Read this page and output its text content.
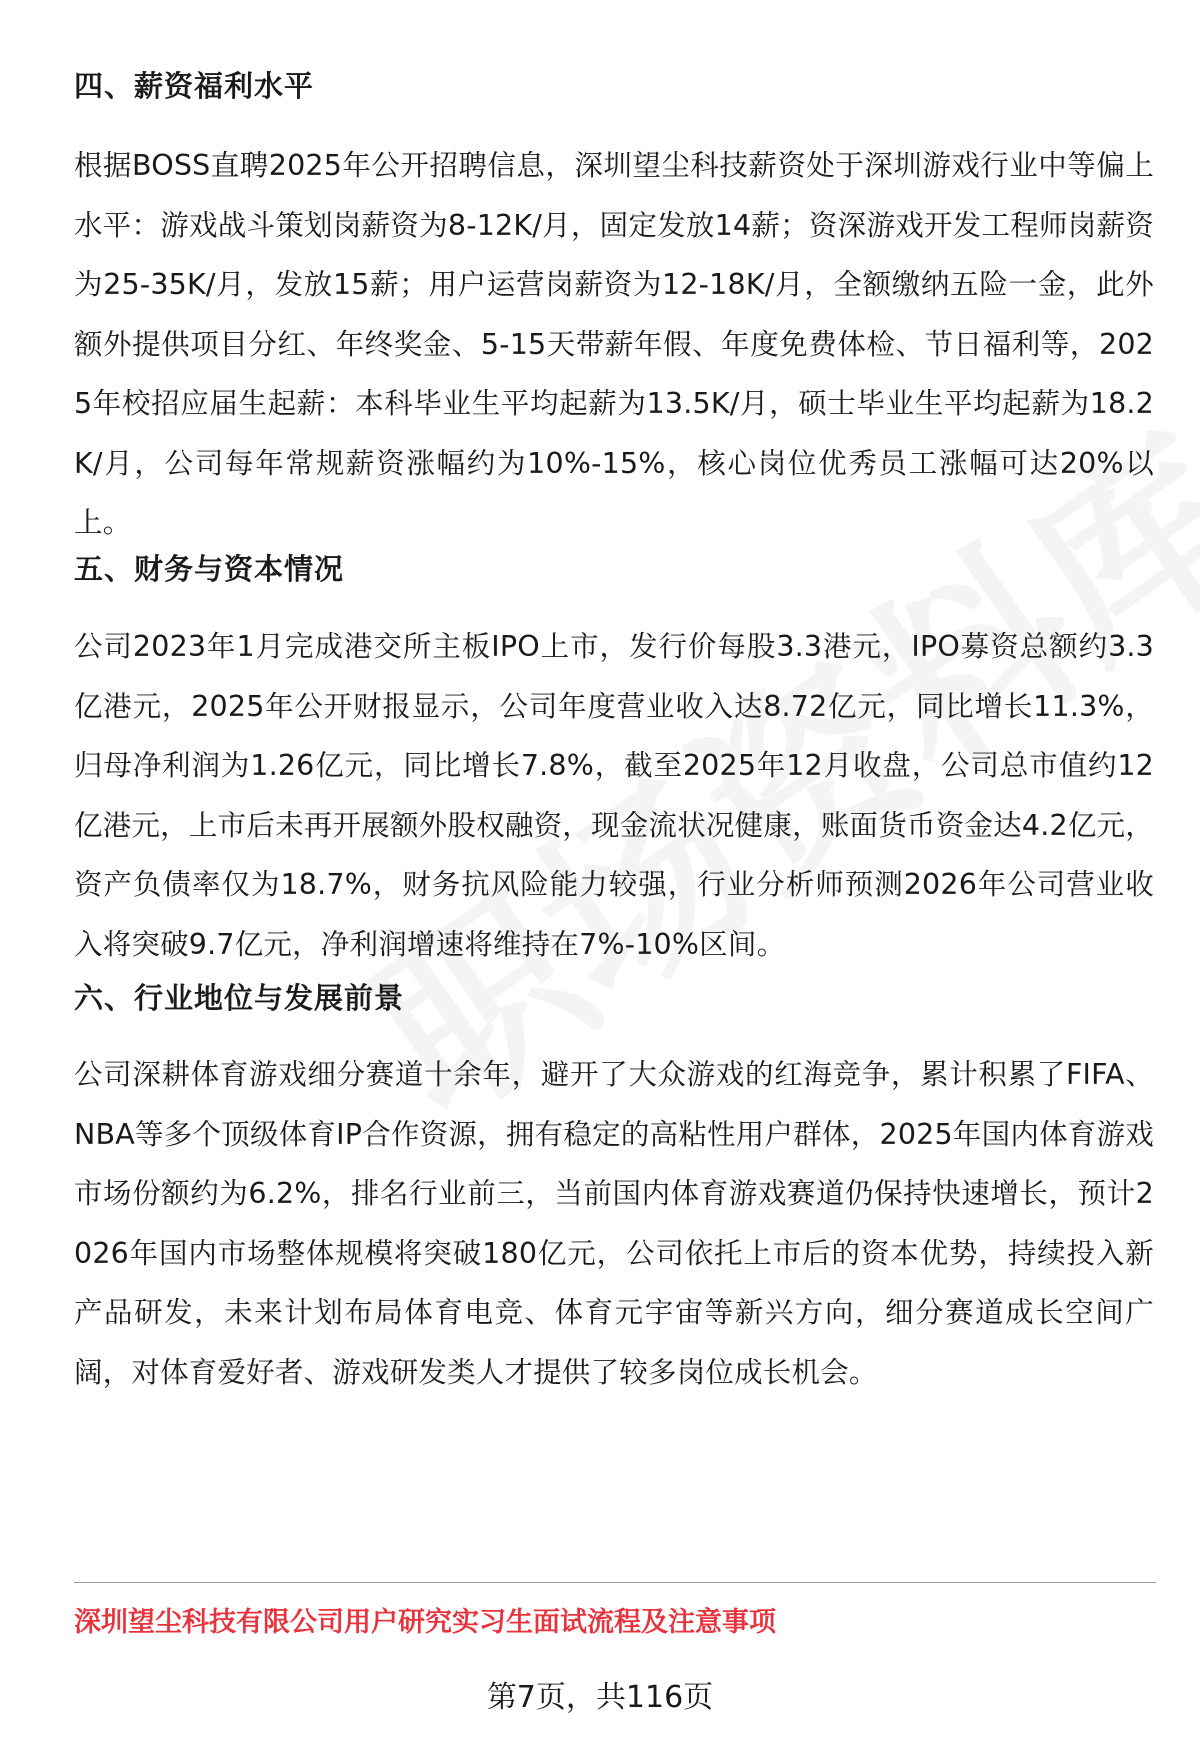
四、薪资福利水平

根据BOSS直聘2025年公开招聘信息，深圳望尘科技薪资处于深圳游戏行业中等偏上水平：游戏战斗策划岗薪资为8-12K/月，固定发放14薪；资深游戏开发工程师岗薪资为25-35K/月，发放15薪；用户运营岗薪资为12-18K/月，全额缴纳五险一金，此外额外提供项目分红、年终奖金、5-15天带薪年假、年度免费体检、节日福利等，2025年校招应届生起薪：本科毕业生平均起薪为13.5K/月，硕士毕业生平均起薪为18.2K/月，公司每年常规薪资涨幅约为10%-15%，核心岗位优秀员工涨幅可达20%以上。

五、财务与资本情况

公司2023年1月完成港交所主板IPO上市，发行价每股3.3港元，IPO募资总额约3.3亿港元，2025年公开财报显示，公司年度营业收入达8.72亿元，同比增长11.3%，归母净利润为1.26亿元，同比增长7.8%，截至2025年12月收盘，公司总市值约12亿港元，上市后未再开展额外股权融资，现金流状况健康，账面货币资金达4.2亿元，资产负债率仅为18.7%，财务抗风险能力较强，行业分析师预测2026年公司营业收入将突破9.7亿元，净利润增速将维持在7%-10%区间。

六、行业地位与发展前景

公司深耕体育游戏细分赛道十余年，避开了大众游戏的红海竞争，累计积累了FIFA、NBA等多个顶级体育IP合作资源，拥有稳定的高粘性用户群体，2025年国内体育游戏市场份额约为6.2%，排名行业前三，当前国内体育游戏赛道仍保持快速增长，预计2026年国内市场整体规模将突破180亿元，公司依托上市后的资本优势，持续投入新产品研发，未来计划布局体育电竞、体育元宇宙等新兴方向，细分赛道成长空间广阔，对体育爱好者、游戏研发类人才提供了较多岗位成长机会。

深圳望尘科技有限公司用户研究实习生面试流程及注意事项

第7页，共116页
